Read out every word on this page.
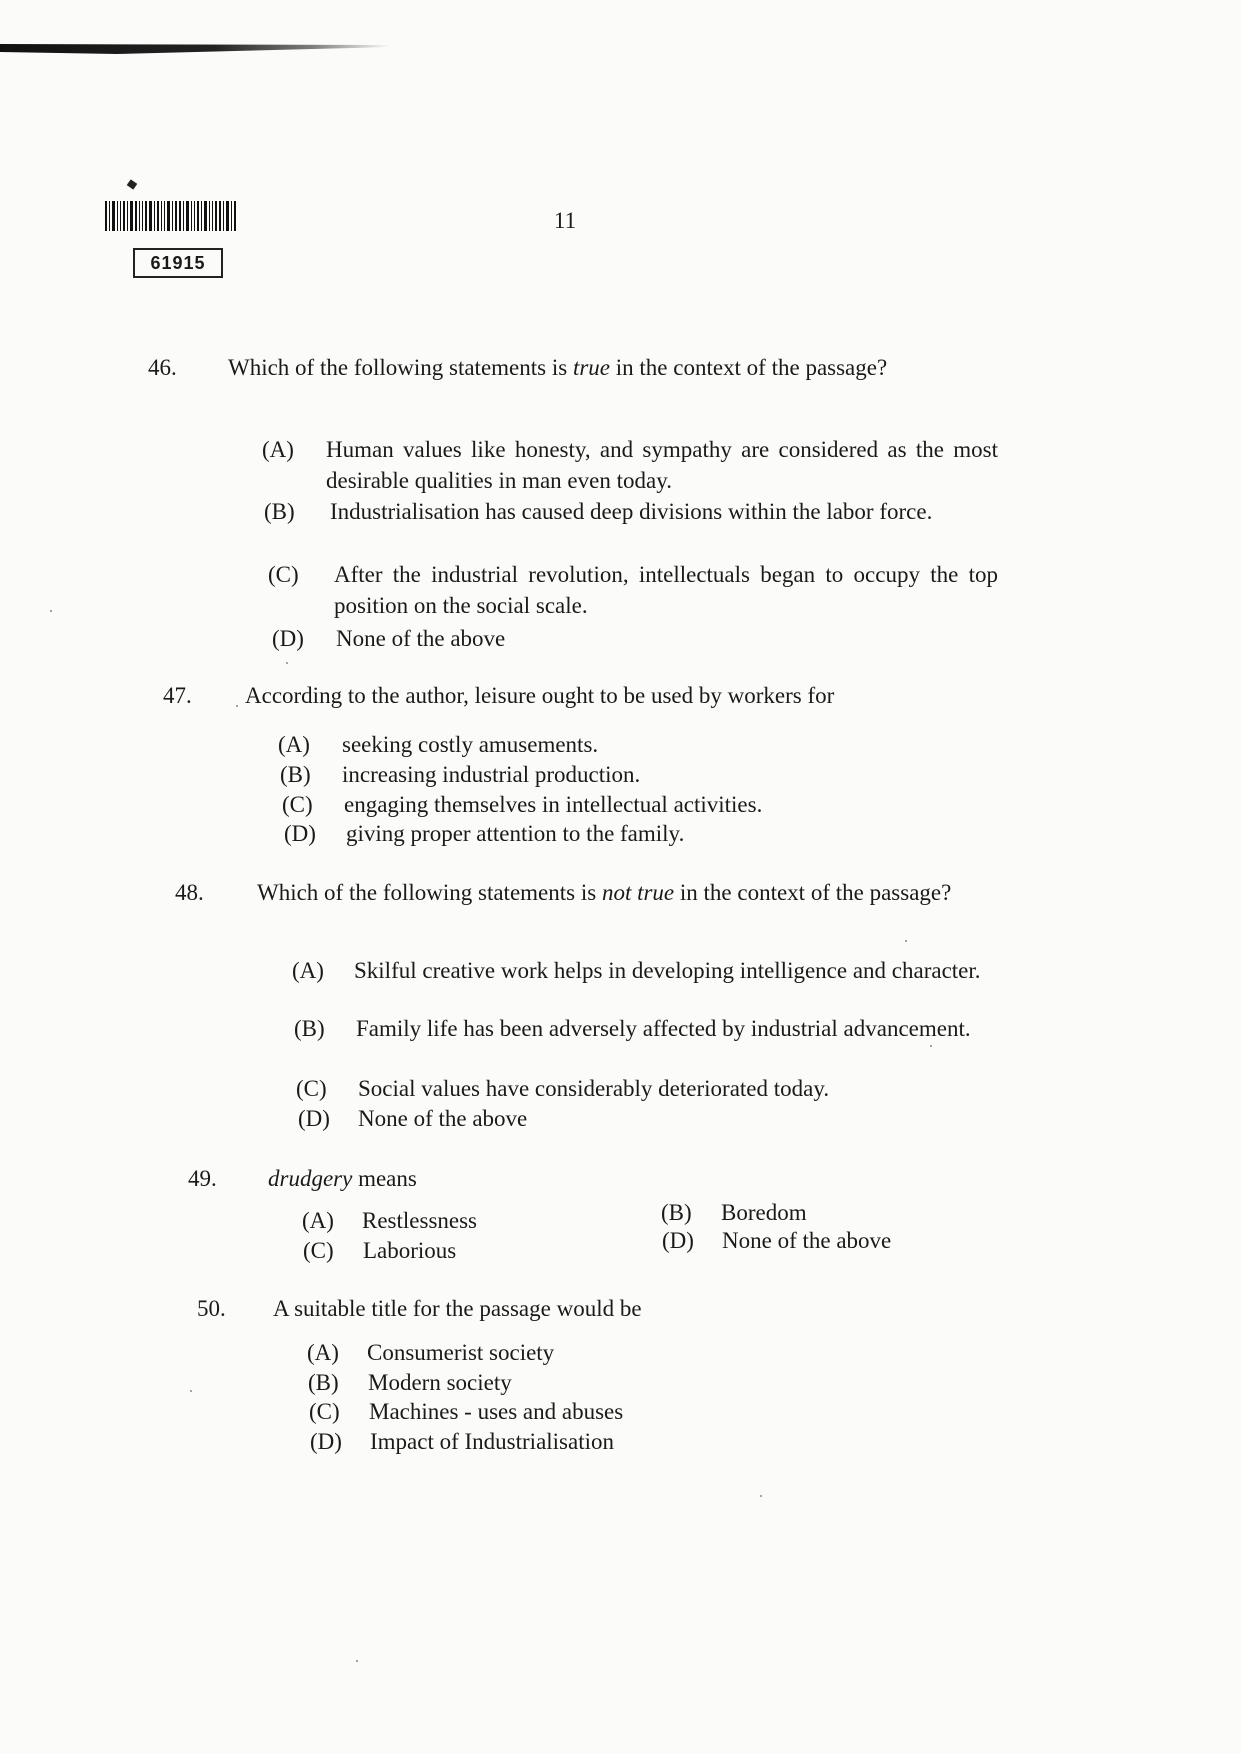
61915
11
46. Which of the following statements is true in the context of the passage?
(A) Human values like honesty, and sympathy are considered as the most desirable qualities in man even today.
(B) Industrialisation has caused deep divisions within the labor force.
(C) After the industrial revolution, intellectuals began to occupy the top position on the social scale.
(D) None of the above
47. According to the author, leisure ought to be used by workers for
(A) seeking costly amusements.
(B) increasing industrial production.
(C) engaging themselves in intellectual activities.
(D) giving proper attention to the family.
48. Which of the following statements is not true in the context of the passage?
(A) Skilful creative work helps in developing intelligence and character.
(B) Family life has been adversely affected by industrial advancement.
(C) Social values have considerably deteriorated today.
(D) None of the above
49. drudgery means
(A) Restlessness	(B) Boredom
(C) Laborious	(D) None of the above
50. A suitable title for the passage would be
(A) Consumerist society
(B) Modern society
(C) Machines - uses and abuses
(D) Impact of Industrialisation
